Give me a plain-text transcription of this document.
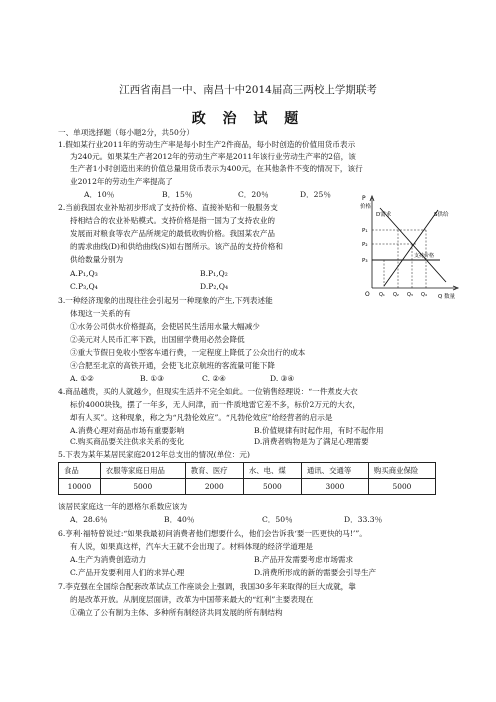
江西省南昌一中、南昌十中2014届高三两校上学期联考
政 治 试 题
一、单项选择题（每小题2分，共50分）
1.假如某行业2011年的劳动生产率是每小时生产2件商品，每小时创造的价值用货币表示
为240元。如果某生产者2012年的劳动生产率是2011年该行业劳动生产率的2倍，该
生产者1小时创造出来的价值总量用货币表示为400元，在其他条件不变的情况下，该行
业2012年的劳动生产率提高了
A．10％	B．15％	C．20％	D．25％
2.当前我国农业补贴初步形成了支持价格、直接补贴和一般服务支
持相结合的农业补贴模式。支持价格是指一国为了支持农业的
发展而对粮食等农产品所规定的最低收购价格。我国某农产品
的需求曲线(D)和供给曲线(S)如右图所示。该产品的支持价格和
供给数量分别为
A.P₁,Q₃	B.P₁,Q₂
C.P₃,Q₄	D.P₂,Q₄
P
价格
Q 数量
O
D需求	S供给
P₁
P₂
P₃
支持价格
Q₁ Q₂ Q₃ Q₄
3.一种经济现象的出现往往会引起另一种现象的产生,下列表述能
体现这一关系的有
①水务公司供水价格提高，会使居民生活用水量大幅减少
②美元对人民币汇率下跌，出国留学费用必然会降低
③重大节假日免收小型客车通行费，一定程度上降低了公众出行的成本
④合肥至北京的高铁开通，会使飞北京航班的客流量可能下降
A. ①②	B. ①③	C. ②④	D. ③④
4.商品越贵，买的人就越少，但现实生活并不完全如此。一位销售经理说：“一件煮皮大衣
标价4000块钱，摆了一年多，无人问津，而一件质地雷它差不多，标价2万元的大衣，
却有人买”。这种现象，称之为“凡勃伦效应”。“凡勃伦效应”给经营者的启示是
A.消费心理对商品市场有重要影响	B.价值规律有时起作用，有时不起作用
C.购买商品要关注供求关系的变化	D.消费者购物是为了满足心理需要
5.下表为某年某居民家庭2012年总支出的情况(单位：元)
食品	衣服等家庭日用品	教育、医疗	水、电、煤	通讯、交通等	购买商业保险
10000	5000	2000	5000	3000	5000
该居民家庭这一年的恩格尔系数应该为
A．28.6％	B．40％	C．50％	D．33.3％
6.亨利·福特曾说过:“如果我最初问消费者他们想要什么，他们会告诉我‘要一匹更快的马!’”。
有人说，如果真这样，汽车大王就不会出现了。材料体现的经济学道理是
A.生产为消费创造动力	B.产品开发需要考虑市场需求
C.产品开发要利用人们的求异心理	D.消费所形成的新的需要会引导生产
7.李克强在全国综合配套改革试点工作座谈会上强调，我国30多年来取得的巨大成就，靠
的是改革开放。从制度层面讲，改革为中国带来最大的“红利”主要表现在
①确立了公有制为主体、多种所有制经济共同发展的所有制结构
